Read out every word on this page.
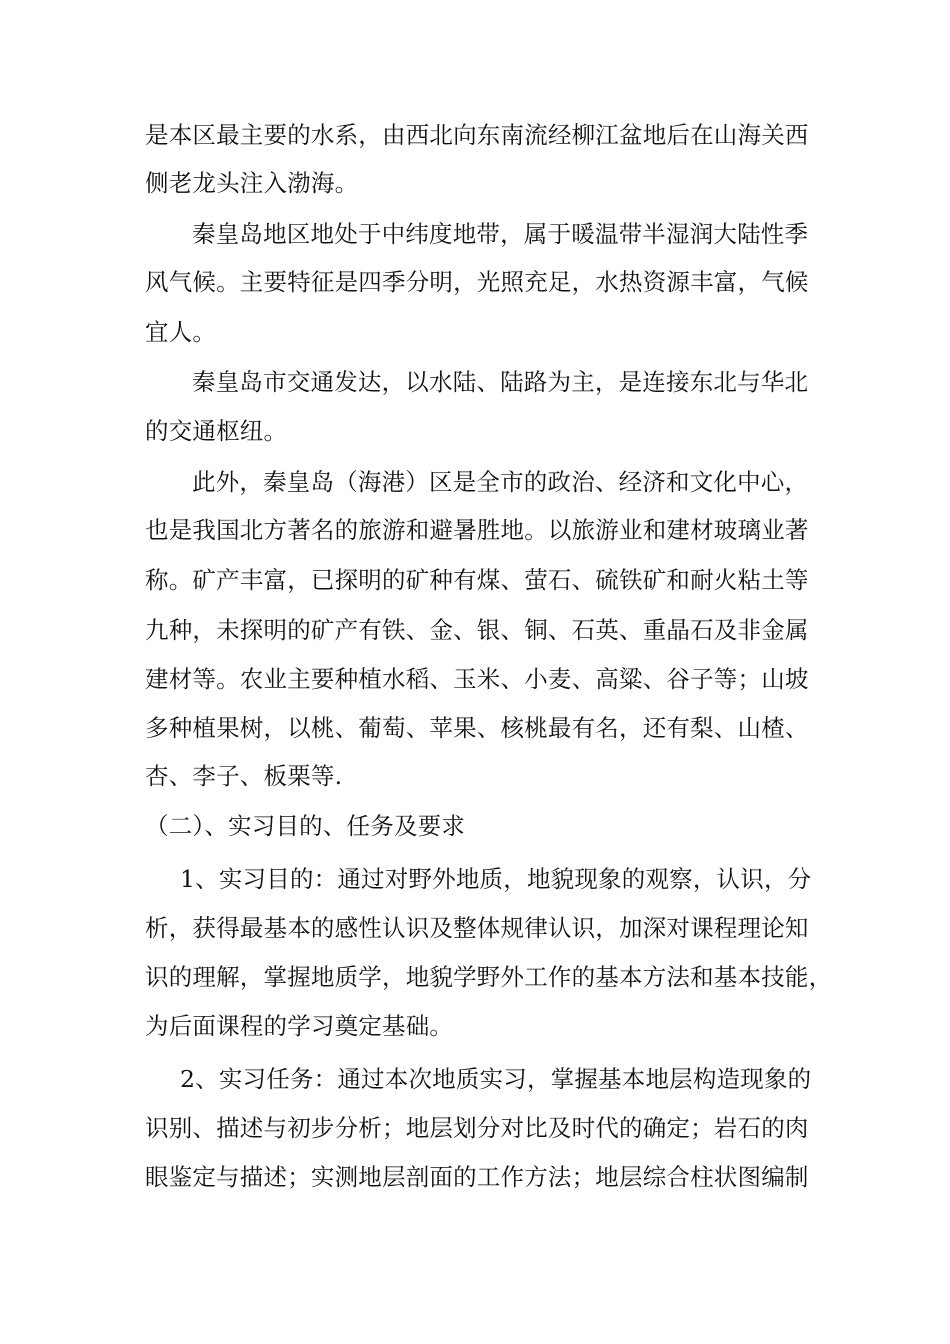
是本区最主要的水系，由西北向东南流经柳江盆地后在山海关西
侧老龙头注入渤海。
秦皇岛地区地处于中纬度地带，属于暖温带半湿润大陆性季
风气候。主要特征是四季分明，光照充足，水热资源丰富，气候
宜人。
秦皇岛市交通发达，以水陆、陆路为主，是连接东北与华北
的交通枢纽。
此外，秦皇岛（海港）区是全市的政治、经济和文化中心，
也是我国北方著名的旅游和避暑胜地。以旅游业和建材玻璃业著
称。矿产丰富，已探明的矿种有煤、萤石、硫铁矿和耐火粘土等
九种，未探明的矿产有铁、金、银、铜、石英、重晶石及非金属
建材等。农业主要种植水稻、玉米、小麦、高粱、谷子等；山坡
多种植果树，以桃、葡萄、苹果、核桃最有名，还有梨、山楂、
杏、李子、板栗等.
（二）、实习目的、任务及要求
1、实习目的：通过对野外地质，地貌现象的观察，认识，分
析，获得最基本的感性认识及整体规律认识，加深对课程理论知
识的理解，掌握地质学，地貌学野外工作的基本方法和基本技能，
为后面课程的学习奠定基础。
2、实习任务：通过本次地质实习，掌握基本地层构造现象的
识别、描述与初步分析；地层划分对比及时代的确定；岩石的肉
眼鉴定与描述；实测地层剖面的工作方法；地层综合柱状图编制
